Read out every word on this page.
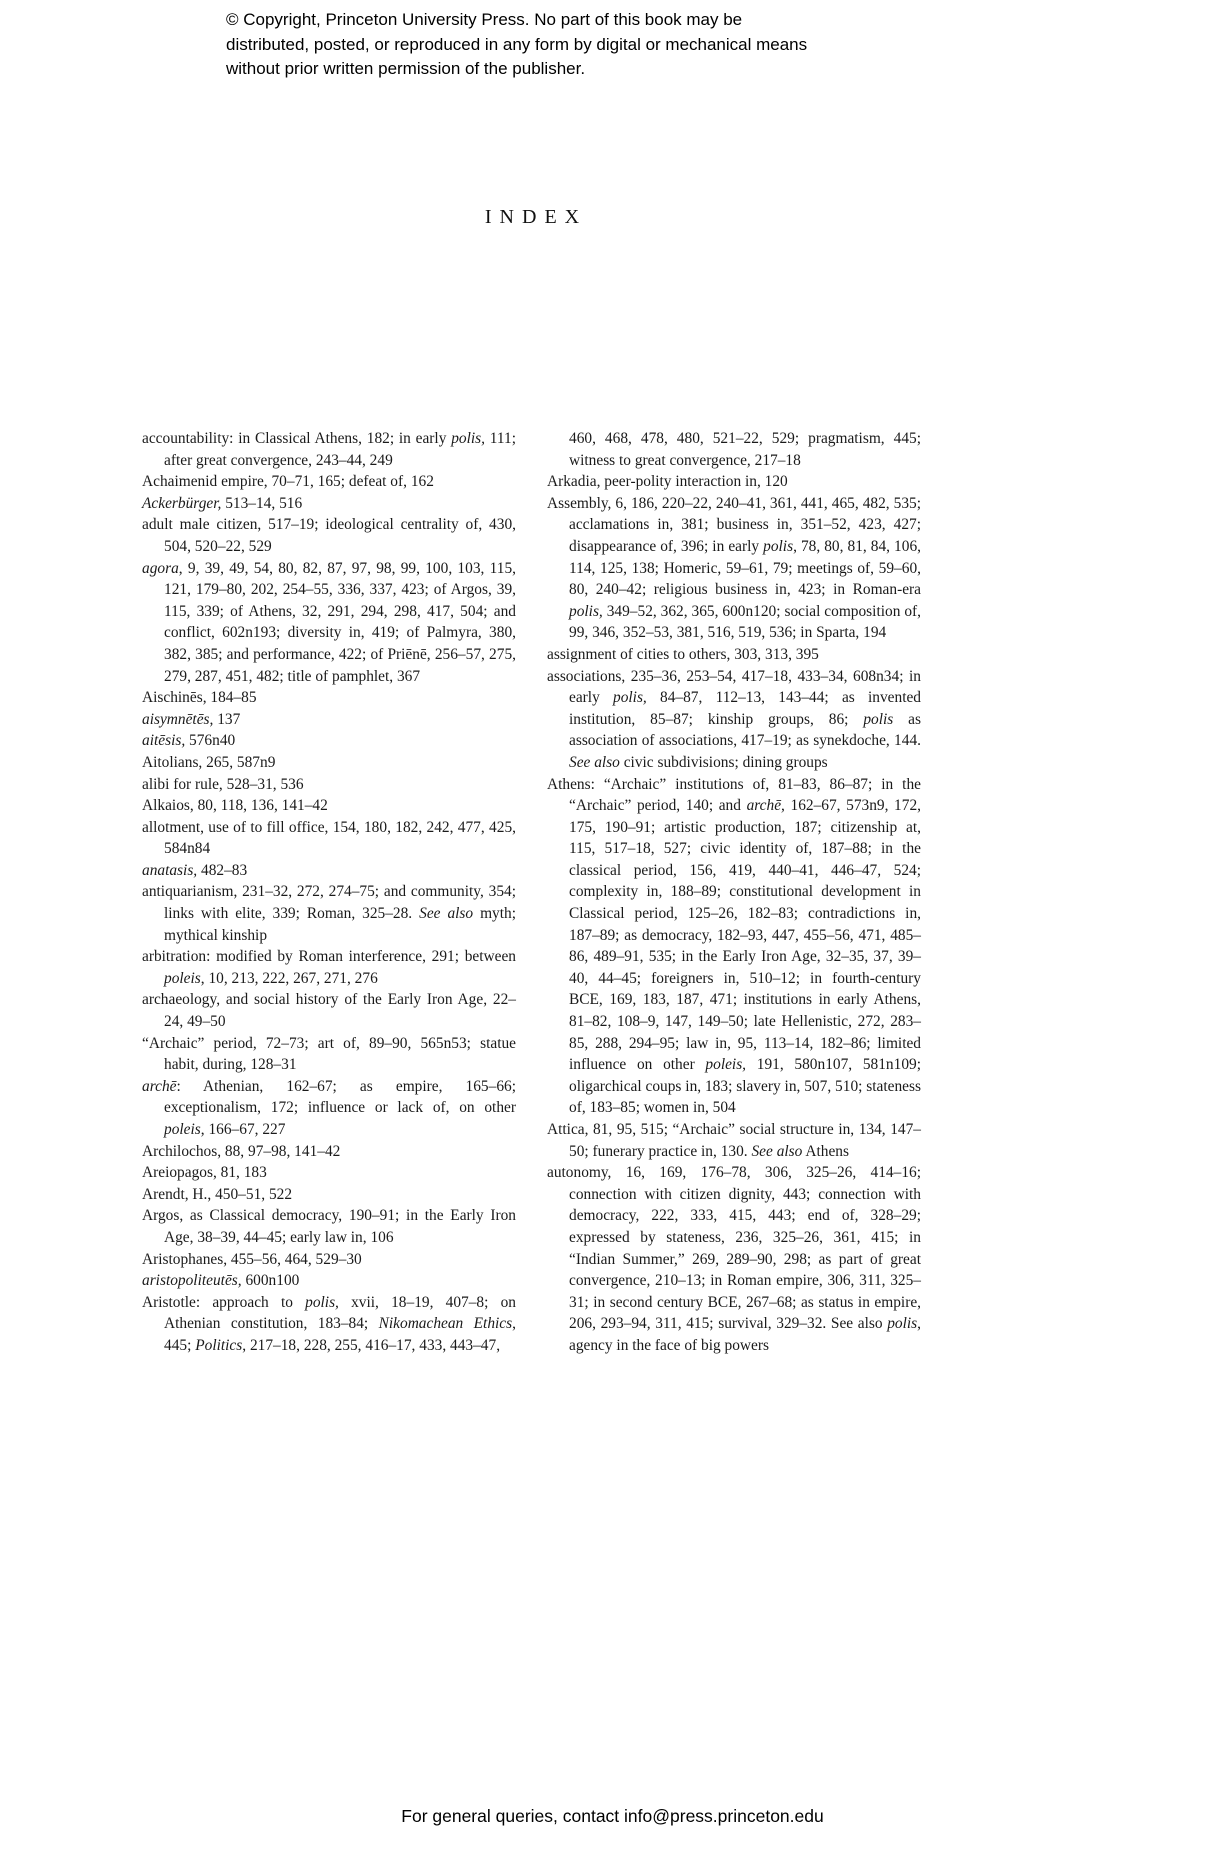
© Copyright, Princeton University Press. No part of this book may be distributed, posted, or reproduced in any form by digital or mechanical means without prior written permission of the publisher.
INDEX

accountability: in Classical Athens, 182; in early polis, 111; after great convergence, 243–44, 249

Achaimenid empire, 70–71, 165; defeat of, 162

Ackerbürger, 513–14, 516

adult male citizen, 517–19; ideological centrality of, 430, 504, 520–22, 529

agora, 9, 39, 49, 54, 80, 82, 87, 97, 98, 99, 100, 103, 115, 121, 179–80, 202, 254–55, 336, 337, 423; of Argos, 39, 115, 339; of Athens, 32, 291, 294, 298, 417, 504; and conflict, 602n193; diversity in, 419; of Palmyra, 380, 382, 385; and performance, 422; of Priēnē, 256–57, 275, 279, 287, 451, 482; title of pamphlet, 367

Aischinēs, 184–85

aisymnētēs, 137

aitēsis, 576n40

Aitolians, 265, 587n9

alibi for rule, 528–31, 536

Alkaios, 80, 118, 136, 141–42

allotment, use of to fill office, 154, 180, 182, 242, 477, 425, 584n84

anatasis, 482–83

antiquarianism, 231–32, 272, 274–75; and community, 354; links with elite, 339; Roman, 325–28. See also myth; mythical kinship

arbitration: modified by Roman interference, 291; between poleis, 10, 213, 222, 267, 271, 276

archaeology, and social history of the Early Iron Age, 22–24, 49–50

“Archaic” period, 72–73; art of, 89–90, 565n53; statue habit, during, 128–31

archē: Athenian, 162–67; as empire, 165–66; exceptionalism, 172; influence or lack of, on other poleis, 166–67, 227

Archilochos, 88, 97–98, 141–42

Areiopagos, 81, 183

Arendt, H., 450–51, 522

Argos, as Classical democracy, 190–91; in the Early Iron Age, 38–39, 44–45; early law in, 106

Aristophanes, 455–56, 464, 529–30

aristopoliteutēs, 600n100

Aristotle: approach to polis, xvii, 18–19, 407–8; on Athenian constitution, 183–84; Nikomachean Ethics, 445; Politics, 217–18, 228, 255, 416–17, 433, 443–47,

460, 468, 478, 480, 521–22, 529; pragmatism, 445; witness to great convergence, 217–18

Arkadia, peer-polity interaction in, 120

Assembly, 6, 186, 220–22, 240–41, 361, 441, 465, 482, 535; acclamations in, 381; business in, 351–52, 423, 427; disappearance of, 396; in early polis, 78, 80, 81, 84, 106, 114, 125, 138; Homeric, 59–61, 79; meetings of, 59–60, 80, 240–42; religious business in, 423; in Roman-era polis, 349–52, 362, 365, 600n120; social composition of, 99, 346, 352–53, 381, 516, 519, 536; in Sparta, 194

assignment of cities to others, 303, 313, 395

associations, 235–36, 253–54, 417–18, 433–34, 608n34; in early polis, 84–87, 112–13, 143–44; as invented institution, 85–87; kinship groups, 86; polis as association of associations, 417–19; as synekdoche, 144. See also civic subdivisions; dining groups

Athens: “Archaic” institutions of, 81–83, 86–87; in the “Archaic” period, 140; and archē, 162–67, 573n9, 172, 175, 190–91; artistic production, 187; citizenship at, 115, 517–18, 527; civic identity of, 187–88; in the classical period, 156, 419, 440–41, 446–47, 524; complexity in, 188–89; constitutional development in Classical period, 125–26, 182–83; contradictions in, 187–89; as democracy, 182–93, 447, 455–56, 471, 485–86, 489–91, 535; in the Early Iron Age, 32–35, 37, 39–40, 44–45; foreigners in, 510–12; in fourth-century BCE, 169, 183, 187, 471; institutions in early Athens, 81–82, 108–9, 147, 149–50; late Hellenistic, 272, 283–85, 288, 294–95; law in, 95, 113–14, 182–86; limited influence on other poleis, 191, 580n107, 581n109; oligarchical coups in, 183; slavery in, 507, 510; stateness of, 183–85; women in, 504

Attica, 81, 95, 515; “Archaic” social structure in, 134, 147–50; funerary practice in, 130. See also Athens

autonomy, 16, 169, 176–78, 306, 325–26, 414–16; connection with citizen dignity, 443; connection with democracy, 222, 333, 415, 443; end of, 328–29; expressed by stateness, 236, 325–26, 361, 415; in “Indian Summer,” 269, 289–90, 298; as part of great convergence, 210–13; in Roman empire, 306, 311, 325–31; in second century BCE, 267–68; as status in empire, 206, 293–94, 311, 415; survival, 329–32. See also polis, agency in the face of big powers

For general queries, contact info@press.princeton.edu
